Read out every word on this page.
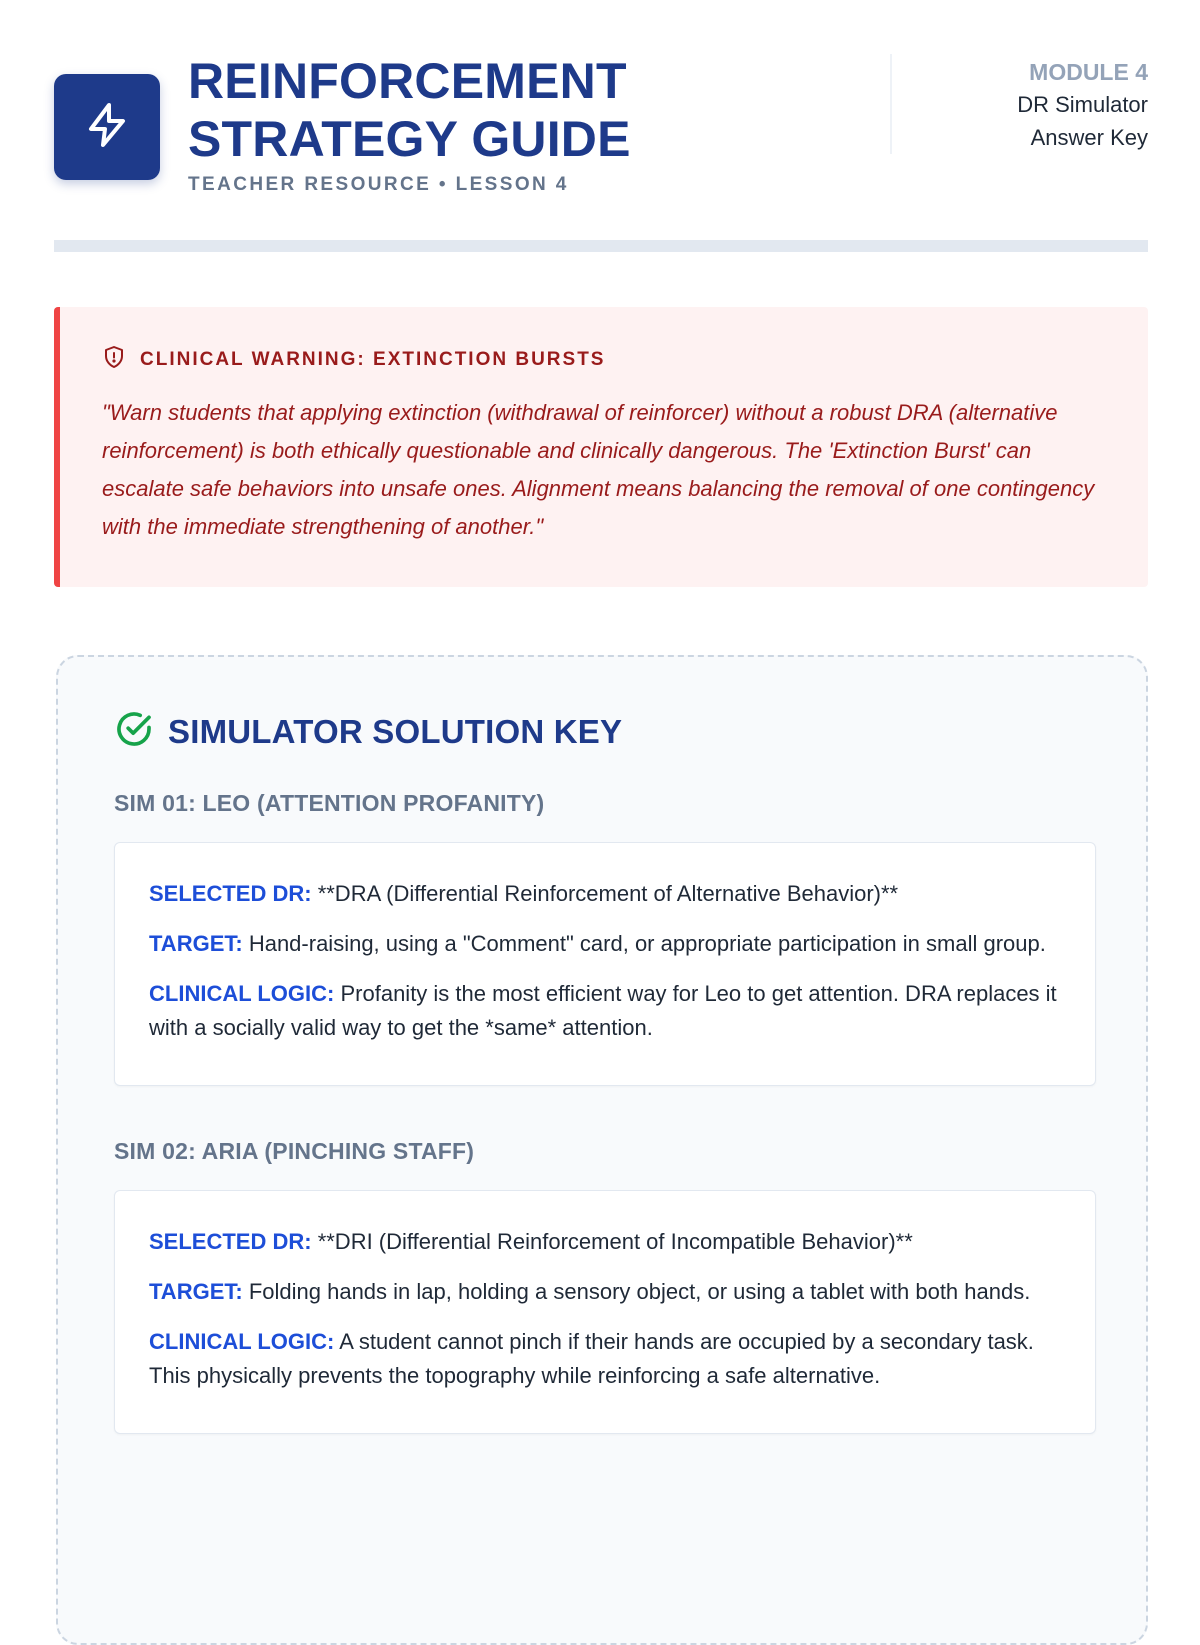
REINFORCEMENT
STRATEGY GUIDE
TEACHER RESOURCE • LESSON 4
MODULE 4
DR Simulator
Answer Key
CLINICAL WARNING: EXTINCTION BURSTS
"Warn students that applying extinction (withdrawal of reinforcer) without a robust DRA (alternative reinforcement) is both ethically questionable and clinically dangerous. The 'Extinction Burst' can escalate safe behaviors into unsafe ones. Alignment means balancing the removal of one contingency with the immediate strengthening of another."
SIMULATOR SOLUTION KEY
SIM 01: LEO (ATTENTION PROFANITY)

SELECTED DR: **DRA (Differential Reinforcement of Alternative Behavior)**

TARGET: Hand-raising, using a "Comment" card, or appropriate participation in small group.

CLINICAL LOGIC: Profanity is the most efficient way for Leo to get attention. DRA replaces it with a socially valid way to get the *same* attention.

SIM 02: ARIA (PINCHING STAFF)

SELECTED DR: **DRI (Differential Reinforcement of Incompatible Behavior)**

TARGET: Folding hands in lap, holding a sensory object, or using a tablet with both hands.

CLINICAL LOGIC: A student cannot pinch if their hands are occupied by a secondary task. This physically prevents the topography while reinforcing a safe alternative.
